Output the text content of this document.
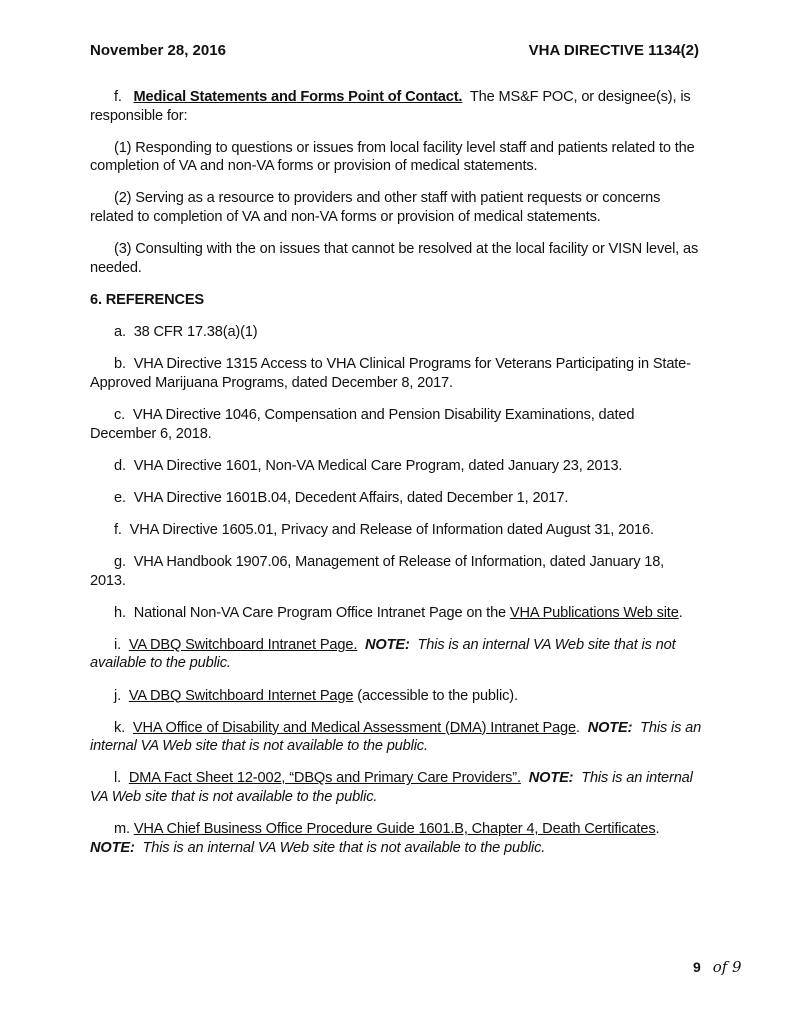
November 28, 2016	VHA DIRECTIVE 1134(2)

f. Medical Statements and Forms Point of Contact. The MS&F POC, or designee(s), is responsible for:

(1) Responding to questions or issues from local facility level staff and patients related to the completion of VA and non-VA forms or provision of medical statements.

(2) Serving as a resource to providers and other staff with patient requests or concerns related to completion of VA and non-VA forms or provision of medical statements.

(3) Consulting with the on issues that cannot be resolved at the local facility or VISN level, as needed.

6. REFERENCES

a. 38 CFR 17.38(a)(1)

b. VHA Directive 1315 Access to VHA Clinical Programs for Veterans Participating in State-Approved Marijuana Programs, dated December 8, 2017.

c. VHA Directive 1046, Compensation and Pension Disability Examinations, dated December 6, 2018.

d. VHA Directive 1601, Non-VA Medical Care Program, dated January 23, 2013.

e. VHA Directive 1601B.04, Decedent Affairs, dated December 1, 2017.

f. VHA Directive 1605.01, Privacy and Release of Information dated August 31, 2016.

g. VHA Handbook 1907.06, Management of Release of Information, dated January 18, 2013.

h. National Non-VA Care Program Office Intranet Page on the VHA Publications Web site.

i. VA DBQ Switchboard Intranet Page. NOTE: This is an internal VA Web site that is not available to the public.

j. VA DBQ Switchboard Internet Page (accessible to the public).

k. VHA Office of Disability and Medical Assessment (DMA) Intranet Page. NOTE: This is an internal VA Web site that is not available to the public.

l. DMA Fact Sheet 12-002, “DBQs and Primary Care Providers”. NOTE: This is an internal VA Web site that is not available to the public.

m. VHA Chief Business Office Procedure Guide 1601.B, Chapter 4, Death Certificates.  NOTE: This is an internal VA Web site that is not available to the public.

9 of 9
